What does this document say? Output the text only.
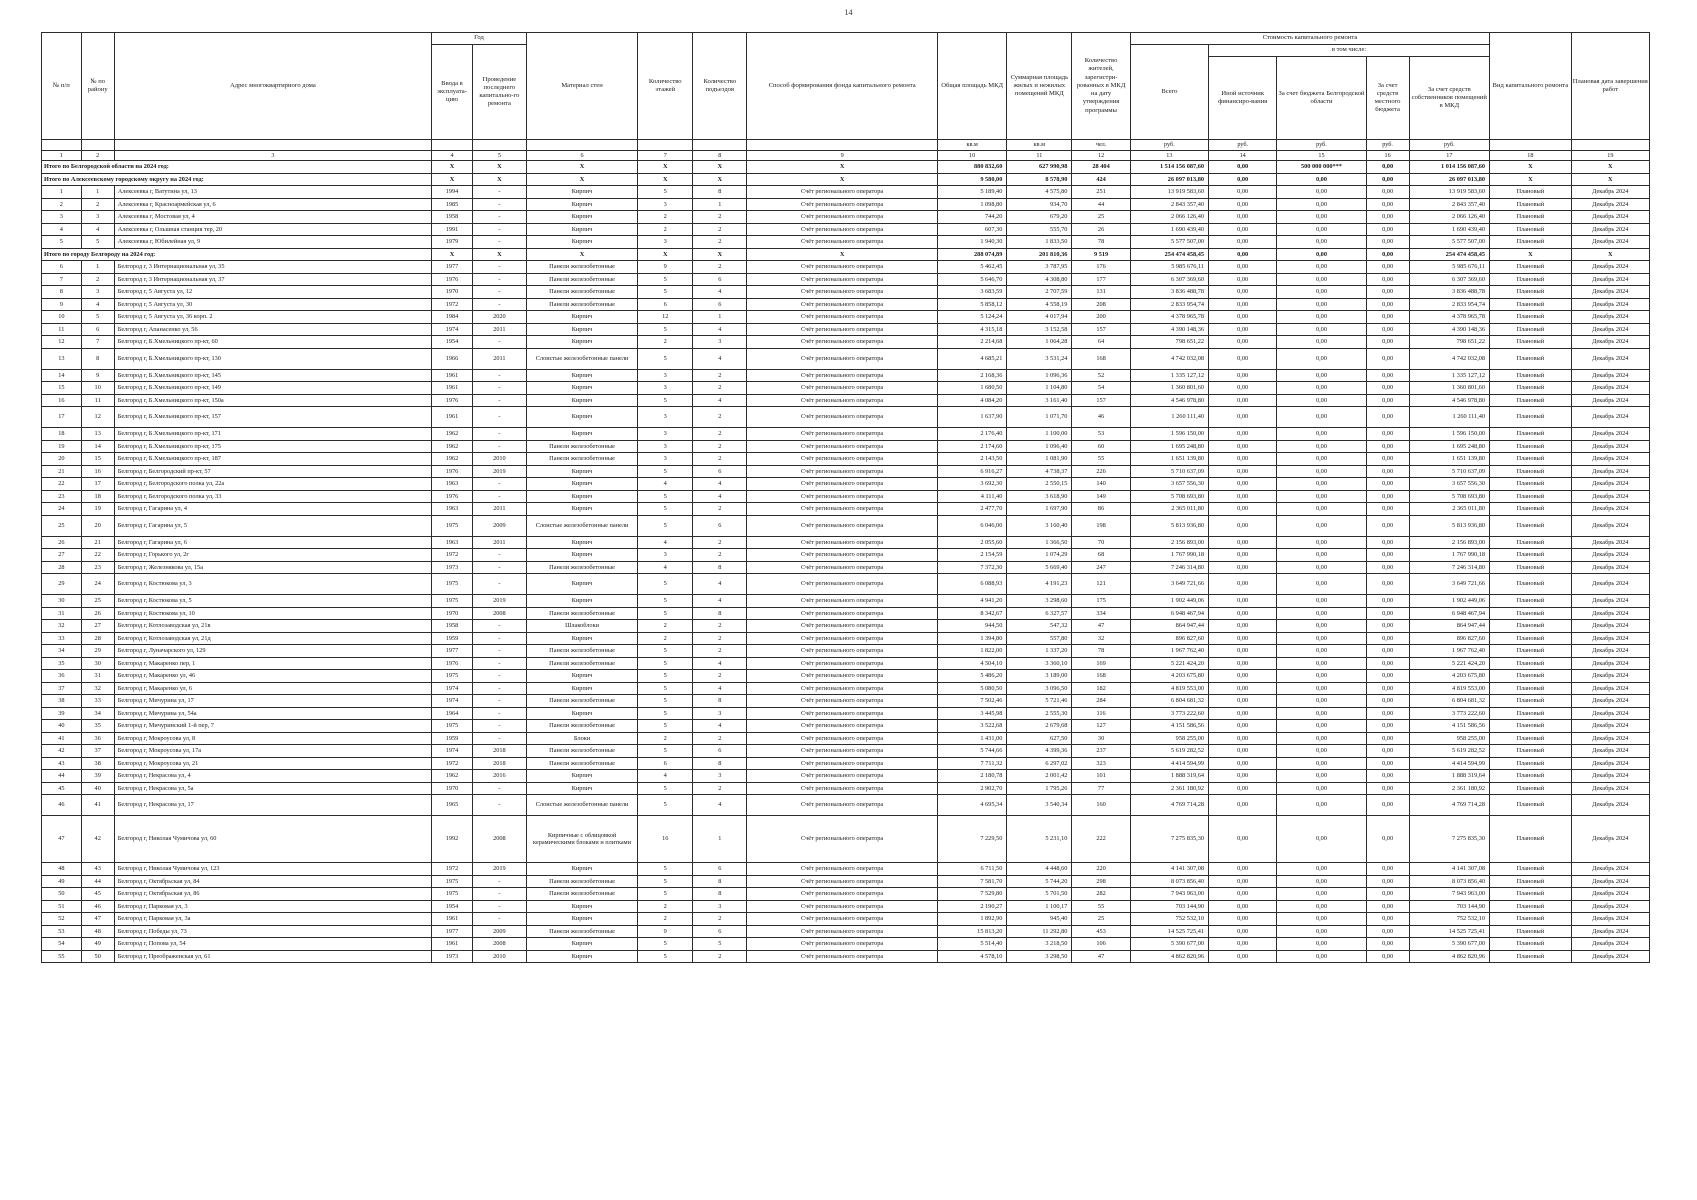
14
№ п/п	№ по району	Адрес многоквартирного дома	Год		Материал стен	Количество этажей	Количество подъездов	Способ формирования фонда капитального ремонта	Общая площадь МКД	Суммарная площадь жилых и нежилых помещений МКД	Количество жителей, зарегистри-рованных в МКД на дату утверждения программы	Стоимость капитального ремонта					Вид капитального ремонта	Плановая дата завершения работ
			Ввода в эксплуата-цию	Проведение последнего капитально-го ремонта								Всего	в том числе:					
													Иной источник финансиро-вания	За счет бюджета Белгородской области	За счет средств местного бюджета	За счет средств собственников помещений в МКД		
									кв.м	кв.м	чел.	руб.	руб.	руб.	руб.	руб.		
1	2	3	4	5	6	7	8	9	10	11	12	13	14	15	16	17	18	19
Итого по Белгородской области на 2024 год:			X	X	X	X	X	X	880 832,60	627 990,98	28 404	1 514 156 087,60	0,00	500 000 000***	0,00	1 014 156 087,60	X	X
Итого по Алексеевскому городскому округу на 2024 год:			X	X	X	X	X	X	9 580,00	8 578,90	424	26 097 013,80	0,00	0,00	0,00	26 097 013,80	X	X
1	1	Алексеевка г, Ватутина ул, 13	1994	-	Кирпич	5	8	Счёт регионального оператора	5 189,40	4 575,80	251	13 919 583,60	0,00	0,00	0,00	13 919 583,60	Плановый	Декабрь 2024
2	2	Алексеевка г, Красноармейская ул, 6	1985	-	Кирпич	3	1	Счёт регионального оператора	1 098,80	934,70	44	2 843 357,40	0,00	0,00	0,00	2 843 357,40	Плановый	Декабрь 2024
3	3	Алексеевка г, Мостовая ул, 4	1958	-	Кирпич	2	2	Счёт регионального оператора	744,20	679,20	25	2 066 126,40	0,00	0,00	0,00	2 066 126,40	Плановый	Декабрь 2024
4	4	Алексеевка г, Ольшная станция тер, 20	1991	-	Кирпич	2	2	Счёт регионального оператора	607,30	555,70	26	1 690 439,40	0,00	0,00	0,00	1 690 439,40	Плановый	Декабрь 2024
5	5	Алексеевка г, Юбилейная ул, 9	1979	-	Кирпич	3	2	Счёт регионального оператора	1 940,30	1 833,50	78	5 577 507,00	0,00	0,00	0,00	5 577 507,00	Плановый	Декабрь 2024
Итого по городу Белгороду на 2024 год:			X	X	X	X	X	X	288 074,89	201 810,36	9 519	254 474 458,45	0,00	0,00	0,00	254 474 458,45	X	X
6	1	Белгород г, 3 Интернациональная ул, 35	1977	-	Панели железобетонные	9	2	Счёт регионального оператора	5 462,45	3 787,95	176	5 985 676,11	0,00	0,00	0,00	5 985 676,11	Плановый	Декабрь 2024
7	2	Белгород г, 3 Интернациональная ул, 37	1976	-	Панели железобетонные	5	6	Счёт регионального оператора	5 646,70	4 308,80	177	6 307 369,60	0,00	0,00	0,00	6 307 369,60	Плановый	Декабрь 2024
8	3	Белгород г, 5 Августа ул, 12	1970	-	Панели железобетонные	5	4	Счёт регионального оператора	3 683,59	2 707,59	131	3 836 488,78	0,00	0,00	0,00	3 836 488,78	Плановый	Декабрь 2024
9	4	Белгород г, 5 Августа ул, 30	1972	-	Панели железобетонные	6	6	Счёт регионального оператора	5 858,12	4 558,19	208	2 833 954,74	0,00	0,00	0,00	2 833 954,74	Плановый	Декабрь 2024
10	5	Белгород г, 5 Августа ул, 36 корп. 2	1984	2020	Кирпич	12	1	Счёт регионального оператора	5 124,24	4 017,94	200	4 378 965,78	0,00	0,00	0,00	4 378 965,78	Плановый	Декабрь 2024
11	6	Белгород г, Апанасенко ул, 56	1974	2011	Кирпич	5	4	Счёт регионального оператора	4 315,18	3 152,58	157	4 390 148,36	0,00	0,00	0,00	4 390 148,36	Плановый	Декабрь 2024
12	7	Белгород г, Б.Хмельницкого пр-кт, 60	1954	-	Кирпич	2	3	Счёт регионального оператора	2 214,68	1 064,28	64	798 651,22	0,00	0,00	0,00	798 651,22	Плановый	Декабрь 2024
13	8	Белгород г, Б.Хмельницкого пр-кт, 130	1966	2011	Слоистые железобетонные панели	5	4	Счёт регионального оператора	4 685,21	3 531,24	168	4 742 032,08	0,00	0,00	0,00	4 742 032,08	Плановый	Декабрь 2024
14	9	Белгород г, Б.Хмельницкого пр-кт, 145	1961	-	Кирпич	3	2	Счёт регионального оператора	2 168,36	1 096,36	52	1 335 127,12	0,00	0,00	0,00	1 335 127,12	Плановый	Декабрь 2024
15	10	Белгород г, Б.Хмельницкого пр-кт, 149	1961	-	Кирпич	3	2	Счёт регионального оператора	1 680,50	1 104,80	54	1 360 801,60	0,00	0,00	0,00	1 360 801,60	Плановый	Декабрь 2024
16	11	Белгород г, Б.Хмельницкого пр-кт, 150а	1976	-	Кирпич	5	4	Счёт регионального оператора	4 084,20	3 161,40	157	4 546 978,80	0,00	0,00	0,00	4 546 978,80	Плановый	Декабрь 2024
17	12	Белгород г, Б.Хмельницкого пр-кт, 157	1961	-	Кирпич	3	2	Счёт регионального оператора	1 637,90	1 071,70	46	1 260 111,40	0,00	0,00	0,00	1 260 111,40	Плановый	Декабрь 2024
18	13	Белгород г, Б.Хмельницкого пр-кт, 171	1962	-	Кирпич	3	2	Счёт регионального оператора	2 176,40	1 100,00	53	1 596 150,00	0,00	0,00	0,00	1 596 150,00	Плановый	Декабрь 2024
19	14	Белгород г, Б.Хмельницкого пр-кт, 175	1962	-	Панели железобетонные	3	2	Счёт регионального оператора	2 174,60	1 096,40	60	1 695 248,80	0,00	0,00	0,00	1 695 248,80	Плановый	Декабрь 2024
20	15	Белгород г, Б.Хмельницкого пр-кт, 187	1962	2010	Панели железобетонные	3	2	Счёт регионального оператора	2 143,50	1 081,90	55	1 651 139,80	0,00	0,00	0,00	1 651 139,80	Плановый	Декабрь 2024
21	16	Белгород г, Белгородский пр-кт, 57	1976	2019	Кирпич	5	6	Счёт регионального оператора	6 916,27	4 738,37	226	5 710 637,09	0,00	0,00	0,00	5 710 637,09	Плановый	Декабрь 2024
22	17	Белгород г, Белгородского полка ул, 22а	1963	-	Кирпич	4	4	Счёт регионального оператора	3 692,30	2 550,15	140	3 657 556,30	0,00	0,00	0,00	3 657 556,30	Плановый	Декабрь 2024
23	18	Белгород г, Белгородского полка ул, 33	1976	-	Кирпич	5	4	Счёт регионального оператора	4 111,40	3 618,90	149	5 708 693,80	0,00	0,00	0,00	5 708 693,80	Плановый	Декабрь 2024
24	19	Белгород г, Гагарина ул, 4	1963	2011	Кирпич	5	2	Счёт регионального оператора	2 477,70	1 697,90	86	2 365 011,80	0,00	0,00	0,00	2 365 011,80	Плановый	Декабрь 2024
25	20	Белгород г, Гагарина ул, 5	1975	2009	Слоистые железобетонные панели	5	6	Счёт регионального оператора	6 046,00	3 160,40	198	5 813 936,80	0,00	0,00	0,00	5 813 936,80	Плановый	Декабрь 2024
26	21	Белгород г, Гагарина ул, 6	1963	2011	Кирпич	4	2	Счёт регионального оператора	2 055,60	1 366,50	70	2 156 893,00	0,00	0,00	0,00	2 156 893,00	Плановый	Декабрь 2024
27	22	Белгород г, Горького ул, 2г	1972	-	Кирпич	3	2	Счёт регионального оператора	2 154,59	1 074,29	68	1 767 990,18	0,00	0,00	0,00	1 767 990,18	Плановый	Декабрь 2024
28	23	Белгород г, Железнякова ул, 15а	1973	-	Панели железобетонные	4	8	Счёт регионального оператора	7 372,30	5 669,40	247	7 246 314,80	0,00	0,00	0,00	7 246 314,80	Плановый	Декабрь 2024
29	24	Белгород г, Костюкова ул, 3	1975	-	Кирпич	5	4	Счёт регионального оператора	6 088,93	4 191,23	121	3 649 721,66	0,00	0,00	0,00	3 649 721,66	Плановый	Декабрь 2024
30	25	Белгород г, Костюкова ул, 5	1975	2019	Кирпич	5	4	Счёт регионального оператора	4 941,20	3 298,60	175	1 902 449,06	0,00	0,00	0,00	1 902 449,06	Плановый	Декабрь 2024
31	26	Белгород г, Костюкова ул, 10	1970	2008	Панели железобетонные	5	8	Счёт регионального оператора	8 342,67	6 327,57	334	6 948 467,94	0,00	0,00	0,00	6 948 467,94	Плановый	Декабрь 2024
32	27	Белгород г, Котлозаводская ул, 21в	1958	-	Шлакоблоки	2	2	Счёт регионального оператора	944,50	547,32	47	864 947,44	0,00	0,00	0,00	864 947,44	Плановый	Декабрь 2024
33	28	Белгород г, Котлозаводская ул, 21д	1959	-	Кирпич	2	2	Счёт регионального оператора	1 394,80	557,80	32	896 827,60	0,00	0,00	0,00	896 827,60	Плановый	Декабрь 2024
34	29	Белгород г, Луначарского ул, 129	1977	-	Панели железобетонные	5	2	Счёт регионального оператора	1 822,00	1 337,20	78	1 967 762,40	0,00	0,00	0,00	1 967 762,40	Плановый	Декабрь 2024
35	30	Белгород г, Макаренко пер, 1	1976	-	Панели железобетонные	5	4	Счёт регионального оператора	4 504,10	3 360,10	169	5 221 424,20	0,00	0,00	0,00	5 221 424,20	Плановый	Декабрь 2024
36	31	Белгород г, Макаренко ул, 46	1975	-	Кирпич	5	2	Счёт регионального оператора	5 486,20	3 189,00	168	4 203 675,80	0,00	0,00	0,00	4 203 675,80	Плановый	Декабрь 2024
37	32	Белгород г, Макаренко ул, 6	1974	-	Кирпич	5	4	Счёт регионального оператора	5 080,50	3 096,50	182	4 819 553,00	0,00	0,00	0,00	4 819 553,00	Плановый	Декабрь 2024
38	33	Белгород г, Мичурина ул, 17	1974	-	Панели железобетонные	5	8	Счёт регионального оператора	7 502,46	5 721,46	284	6 804 681,32	0,00	0,00	0,00	6 804 681,32	Плановый	Декабрь 2024
39	34	Белгород г, Мичурина ул, 54а	1964	-	Кирпич	5	3	Счёт регионального оператора	3 445,98	2 555,30	116	3 773 222,60	0,00	0,00	0,00	3 773 222,60	Плановый	Декабрь 2024
40	35	Белгород г, Мичуринский 1-й пер, 7	1975	-	Панели железобетонные	5	4	Счёт регионального оператора	3 522,68	2 679,68	127	4 151 586,56	0,00	0,00	0,00	4 151 586,56	Плановый	Декабрь 2024
41	36	Белгород г, Мокроусова ул, 8	1959	-	Блоки	2	2	Счёт регионального оператора	1 431,00	627,50	30	958 255,00	0,00	0,00	0,00	958 255,00	Плановый	Декабрь 2024
42	37	Белгород г, Мокроусова ул, 17а	1974	2018	Панели железобетонные	5	6	Счёт регионального оператора	5 744,66	4 399,36	237	5 619 282,52	0,00	0,00	0,00	5 619 282,52	Плановый	Декабрь 2024
43	38	Белгород г, Мокроусова ул, 21	1972	2018	Панели железобетонные	6	8	Счёт регионального оператора	7 711,32	6 297,02	323	4 414 594,99	0,00	0,00	0,00	4 414 594,99	Плановый	Декабрь 2024
44	39	Белгород г, Некрасова ул, 4	1962	2016	Кирпич	4	3	Счёт регионального оператора	2 180,78	2 001,42	101	1 888 319,64	0,00	0,00	0,00	1 888 319,64	Плановый	Декабрь 2024
45	40	Белгород г, Некрасова ул, 5а	1970	-	Кирпич	5	2	Счёт регионального оператора	2 902,70	1 795,26	77	2 361 180,92	0,00	0,00	0,00	2 361 180,92	Плановый	Декабрь 2024
46	41	Белгород г, Некрасова ул, 17	1965	-	Слоистые железобетонные панели	5	4	Счёт регионального оператора	4 695,34	3 540,34	160	4 769 714,28	0,00	0,00	0,00	4 769 714,28	Плановый	Декабрь 2024
47	42	Белгород г, Николая Чумичова ул, 60	1992	2008	Кирпичные с облицовкой керамическими блоками и плитками	16	1	Счёт регионального оператора	7 229,50	5 231,10	222	7 275 835,30	0,00	0,00	0,00	7 275 835,30	Плановый	Декабрь 2024
48	43	Белгород г, Николая Чумичова ул, 123	1972	2019	Кирпич	5	6	Счёт регионального оператора	6 711,50	4 448,60	220	4 141 307,08	0,00	0,00	0,00	4 141 307,08	Плановый	Декабрь 2024
49	44	Белгород г, Октябрьская ул, 84	1975	-	Панели железобетонные	5	8	Счёт регионального оператора	7 581,70	5 744,20	298	8 073 856,40	0,00	0,00	0,00	8 073 856,40	Плановый	Декабрь 2024
50	45	Белгород г, Октябрьская ул, 86	1975	-	Панели железобетонные	5	8	Счёт регионального оператора	7 529,80	5 701,50	282	7 943 963,00	0,00	0,00	0,00	7 943 963,00	Плановый	Декабрь 2024
51	46	Белгород г, Парковая ул, 3	1954	-	Кирпич	2	3	Счёт регионального оператора	2 190,27	1 100,17	55	703 144,90	0,00	0,00	0,00	703 144,90	Плановый	Декабрь 2024
52	47	Белгород г, Парковая ул, 3а	1961	-	Кирпич	2	2	Счёт регионального оператора	1 892,90	945,40	25	752 532,10	0,00	0,00	0,00	752 532,10	Плановый	Декабрь 2024
53	48	Белгород г, Победы ул, 73	1977	2009	Панели железобетонные	9	6	Счёт регионального оператора	15 813,20	11 292,80	453	14 525 725,41	0,00	0,00	0,00	14 525 725,41	Плановый	Декабрь 2024
54	49	Белгород г, Попова ул, 54	1961	2008	Кирпич	5	5	Счёт регионального оператора	5 514,40	3 218,50	106	5 390 677,00	0,00	0,00	0,00	5 390 677,00	Плановый	Декабрь 2024
55	50	Белгород г, Преображенская ул, 61	1973	2010	Кирпич	5	2	Счёт регионального оператора	4 578,10	3 298,50	47	4 862 820,96	0,00	0,00	0,00	4 862 820,96	Плановый	Декабрь 2024
